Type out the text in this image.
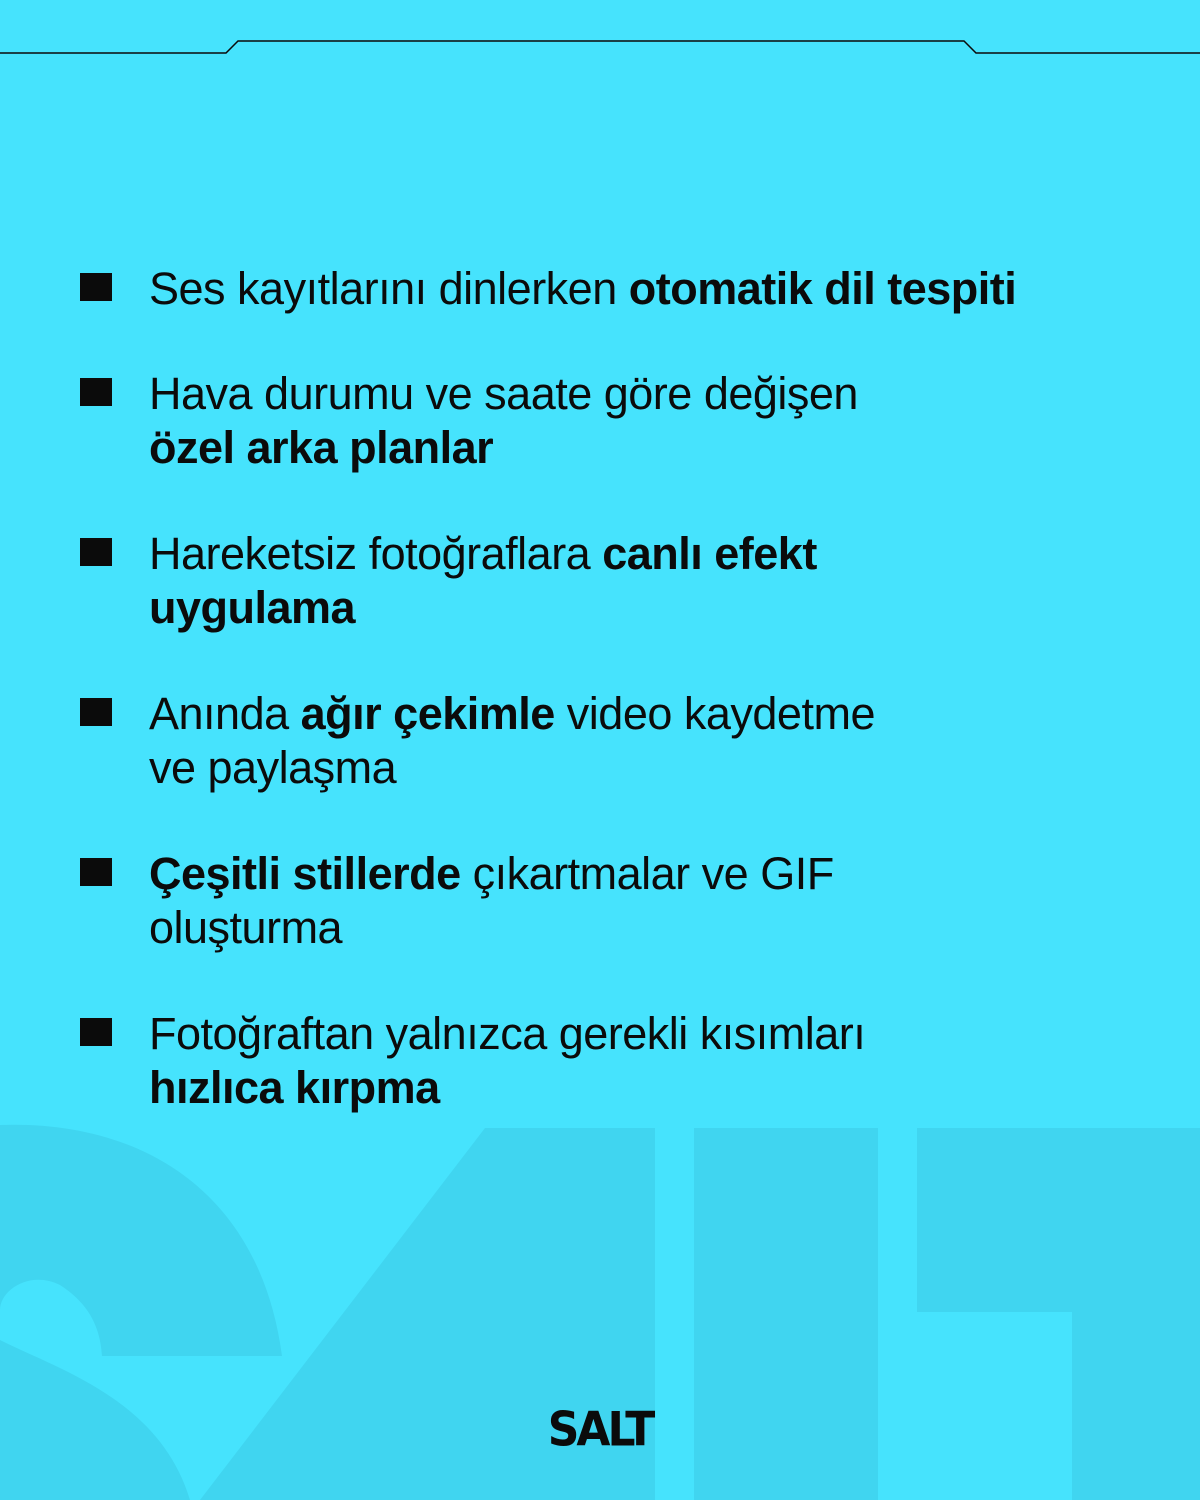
Ses kayıtlarını dinlerken otomatik dil tespiti
Hava durumu ve saate göre değişen
özel arka planlar
Hareketsiz fotoğraflara canlı efekt
uygulama
Anında ağır çekimle video kaydetme
ve paylaşma
Çeşitli stillerde çıkartmalar ve GIF
oluşturma
Fotoğraftan yalnızca gerekli kısımları
hızlıca kırpma
SALT
